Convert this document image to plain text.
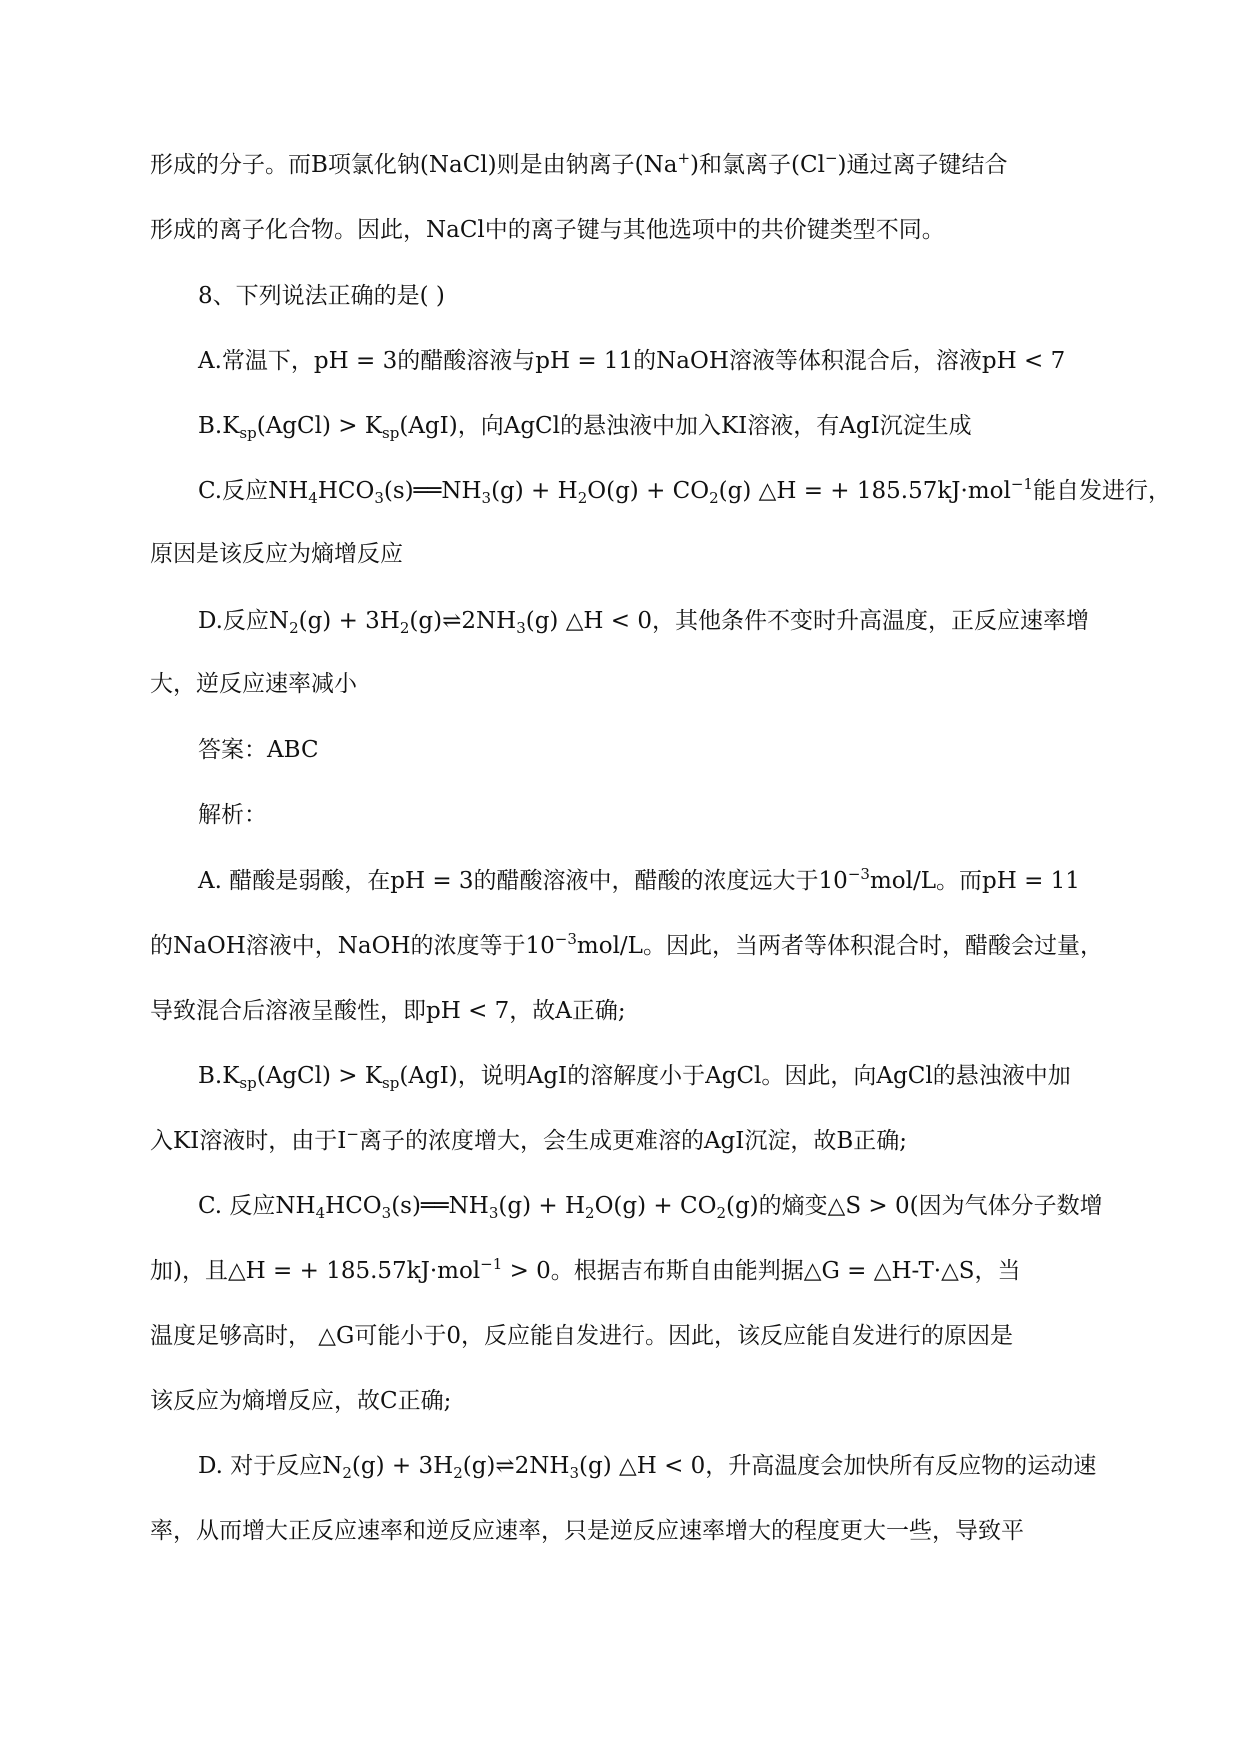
形成的分子。而B项氯化钠(NaCl)则是由钠离子(Na+)和氯离子(Cl−)通过离子键结合
形成的离子化合物。因此，NaCl中的离子键与其他选项中的共价键类型不同。
8、下列说法正确的是( )
A.常温下，pH = 3的醋酸溶液与pH = 11的NaOH溶液等体积混合后，溶液pH < 7
$B.K_{sp}(AgCl) > K_{sp}(AgI)$，向AgCl的悬浊液中加入KI溶液，有AgI沉淀生成
C.反应$NH_4HCO_3(s)══NH_3(g) + H_2O(g) + CO_2(g)$ △H = + 185.57kJ·mol$^{-1}$能自发进行，
原因是该反应为熵增反应
D.反应$N_2(g)$ + $3H_2(g)\rightleftharpoons 2NH_3(g)$ △H < 0，其他条件不变时升高温度，正反应速率增
大，逆反应速率减小
答案：ABC
解析：
A. 醋酸是弱酸，在pH = 3的醋酸溶液中，醋酸的浓度远大于$10^{-3}mol/L$。而pH = 11
的NaOH溶液中，NaOH的浓度等于$10^{-3}mol/L$。因此，当两者等体积混合时，醋酸会过量，
导致混合后溶液呈酸性，即pH < 7，故A正确;
$B.K_{sp}(AgCl) > K_{sp}(AgI)$，说明AgI的溶解度小于AgCl。因此，向AgCl的悬浊液中加
入KI溶液时，由于I−离子的浓度增大，会生成更难溶的AgI沉淀，故B正确;
C. 反应$NH_4HCO_3(s)══NH_3(g) + H_2O(g) + CO_2(g)$的熵变△S > 0(因为气体分子数增
加)，且△H = + 185.57kJ·mol$^{-1}$ > 0。根据吉布斯自由能判据△G = △H-T·△S，当
温度足够高时， △G可能小于0，反应能自发进行。因此，该反应能自发进行的原因是
该反应为熵增反应，故C正确;
D. 对于反应$N_2(g)$ + $3H_2(g)\rightleftharpoons 2NH_3(g)$ △H < 0，升高温度会加快所有反应物的运动速
率，从而增大正反应速率和逆反应速率，只是逆反应速率增大的程度更大一些，导致平
